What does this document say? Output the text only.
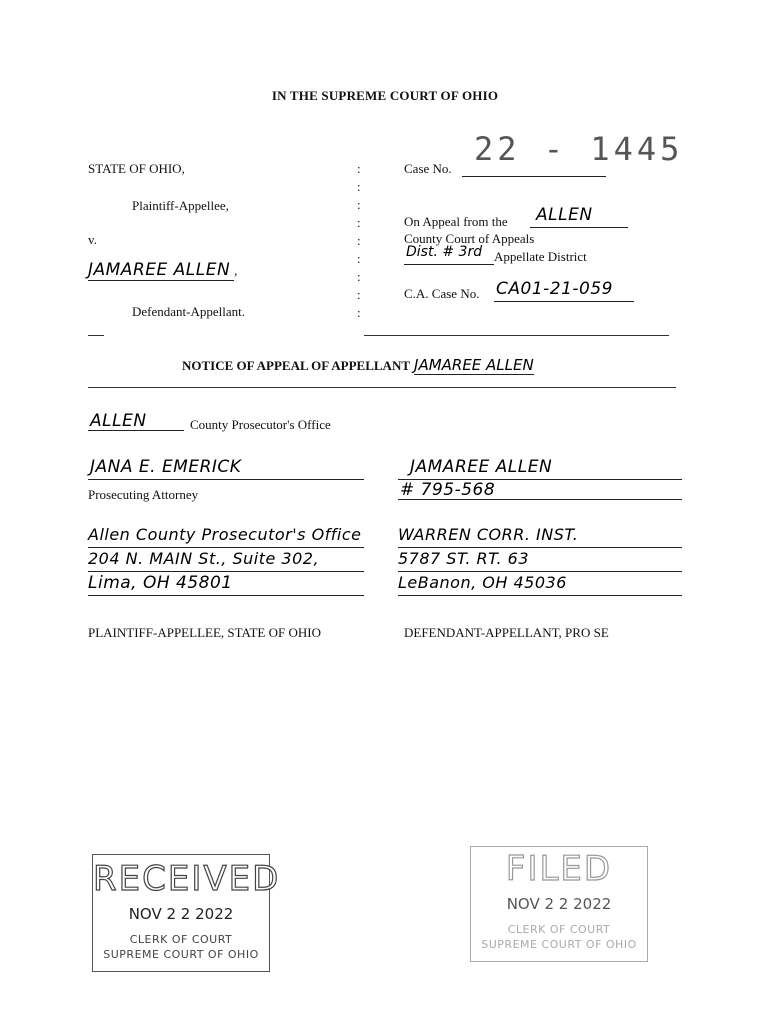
IN THE SUPREME COURT OF OHIO
STATE OF OHIO,
Plaintiff-Appellee,
v.
JAMAREE ALLEN ,
Defendant-Appellant.
:
:
:
:
:
:
:
:
:
Case No.
22 - 1445
On Appeal from the ALLEN
County Court of Appeals
Dist. # 3rd Appellate District
C.A. Case No. CA01-21-059
NOTICE OF APPEAL OF APPELLANT JAMAREE ALLEN
ALLEN	County Prosecutor's Office
JANA E. EMERICK
Prosecuting Attorney
JAMAREE ALLEN
# 795-568
Allen County Prosecutor's Office
204 N. MAIN St., Suite 302,
Lima, OH 45801
WARREN CORR. INST.
5787 ST. RT. 63
LeBanon, OH 45036
PLAINTIFF-APPELLEE, STATE OF OHIO	DEFENDANT-APPELLANT, PRO SE
RECEIVED
NOV 2 2 2022
CLERK OF COURT
SUPREME COURT OF OHIO
FILED
NOV 2 2 2022
CLERK OF COURT
SUPREME COURT OF OHIO
